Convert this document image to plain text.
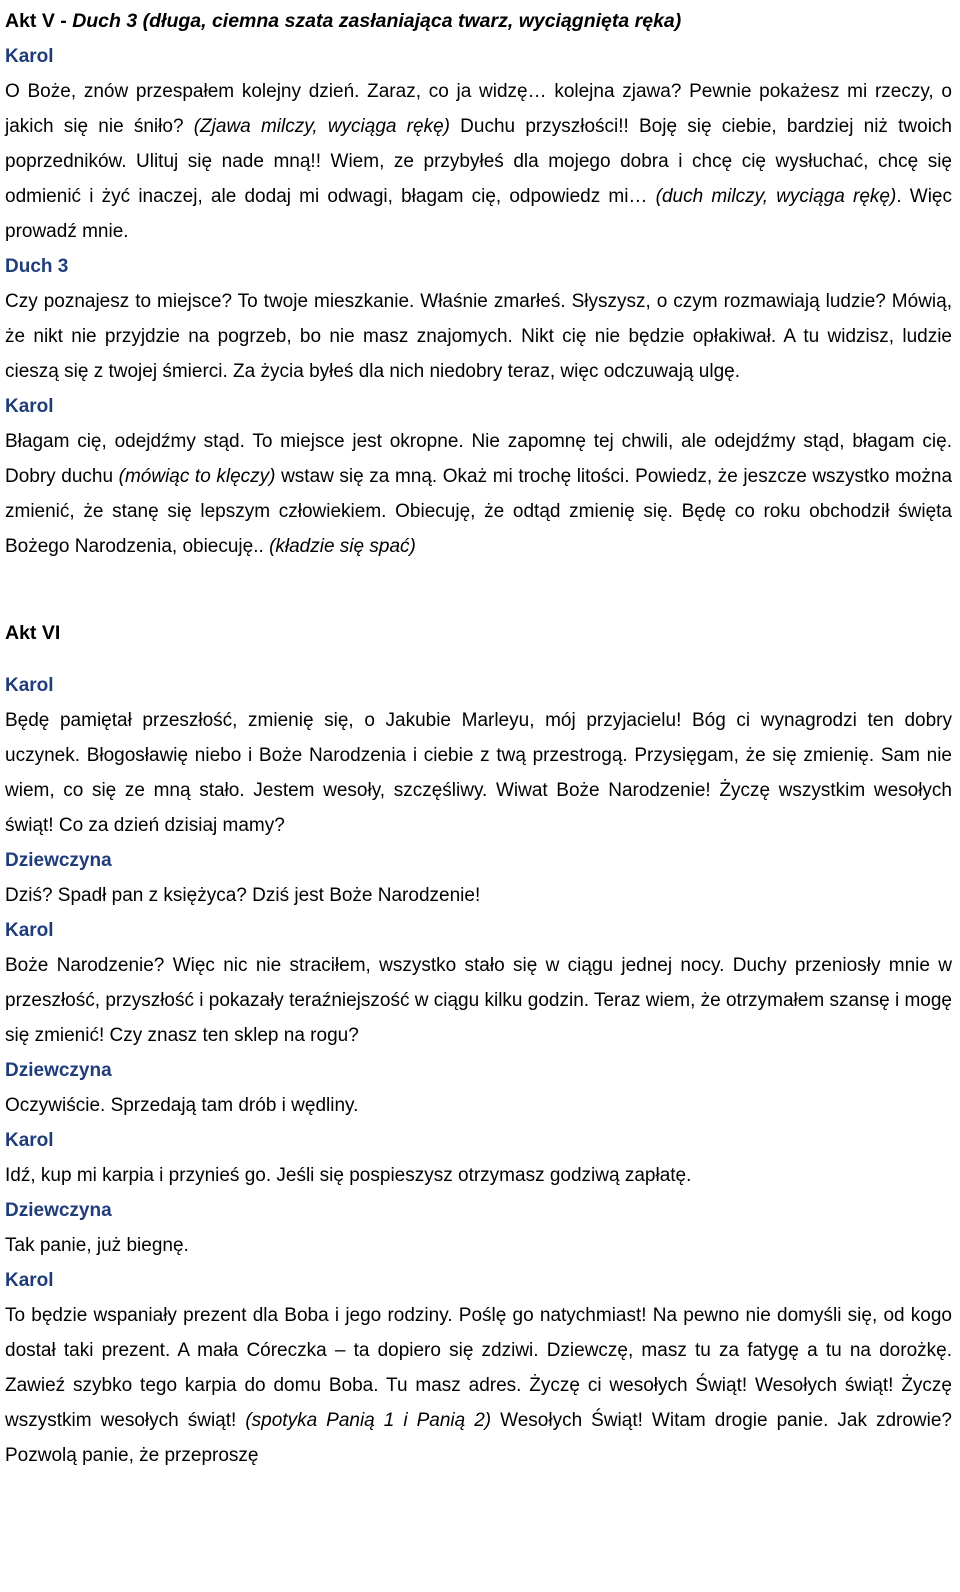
Akt V - Duch 3 (długa, ciemna szata zasłaniająca twarz, wyciągnięta ręka)

Karol

O Boże, znów przespałem kolejny dzień. Zaraz, co ja widzę… kolejna zjawa? Pewnie pokażesz mi rzeczy, o jakich się nie śniło? (Zjawa milczy, wyciąga rękę) Duchu przyszłości!! Boję się ciebie, bardziej niż twoich poprzedników. Ulituj się nade mną!! Wiem, ze przybyłeś dla mojego dobra i chcę cię wysłuchać, chcę się odmienić i żyć inaczej, ale dodaj mi odwagi, błagam cię, odpowiedz mi… (duch milczy, wyciąga rękę). Więc prowadź mnie.

Duch 3

Czy poznajesz to miejsce? To twoje mieszkanie. Właśnie zmarłeś. Słyszysz, o czym rozmawiają ludzie? Mówią, że nikt nie przyjdzie na pogrzeb, bo nie masz znajomych. Nikt cię nie będzie opłakiwał. A tu widzisz, ludzie cieszą się z twojej śmierci. Za życia byłeś dla nich niedobry teraz, więc odczuwają ulgę.

Karol

Błagam cię, odejdźmy stąd. To miejsce jest okropne. Nie zapomnę tej chwili, ale odejdźmy stąd, błagam cię. Dobry duchu (mówiąc to klęczy) wstaw się za mną. Okaż mi trochę litości. Powiedz, że jeszcze wszystko można zmienić, że stanę się lepszym człowiekiem. Obiecuję, że odtąd zmienię się. Będę co roku obchodził święta Bożego Narodzenia, obiecuję.. (kładzie się spać)

Akt VI

Karol

Będę pamiętał przeszłość, zmienię się, o Jakubie Marleyu, mój przyjacielu! Bóg ci wynagrodzi ten dobry uczynek. Błogosławię niebo i Boże Narodzenia i ciebie z twą przestrogą. Przysięgam, że się zmienię. Sam nie wiem, co się ze mną stało. Jestem wesoły, szczęśliwy. Wiwat Boże Narodzenie! Życzę wszystkim wesołych świąt! Co za dzień dzisiaj mamy?

Dziewczyna

Dziś? Spadł pan z księżyca? Dziś jest Boże Narodzenie!

Karol

Boże Narodzenie? Więc nic nie straciłem, wszystko stało się w ciągu jednej nocy. Duchy przeniosły mnie w przeszłość, przyszłość i pokazały teraźniejszość w ciągu kilku godzin. Teraz wiem, że otrzymałem szansę i mogę się zmienić! Czy znasz ten sklep na rogu?

Dziewczyna

Oczywiście. Sprzedają tam drób i wędliny.

Karol

Idź, kup mi karpia i przynieś go. Jeśli się pospieszysz otrzymasz godziwą zapłatę.

Dziewczyna

Tak panie, już biegnę.

Karol

To będzie wspaniały prezent dla Boba i jego rodziny. Poślę go natychmiast! Na pewno nie domyśli się, od kogo dostał taki prezent. A mała Córeczka – ta dopiero się zdziwi. Dziewczę, masz tu za fatygę a tu na dorożkę. Zawieź szybko tego karpia do domu Boba. Tu masz adres. Życzę ci wesołych Świąt! Wesołych świąt! Życzę wszystkim wesołych świąt! (spotyka Panią 1 i Panią 2) Wesołych Świąt! Witam drogie panie. Jak zdrowie? Pozwolą panie, że przeproszę
